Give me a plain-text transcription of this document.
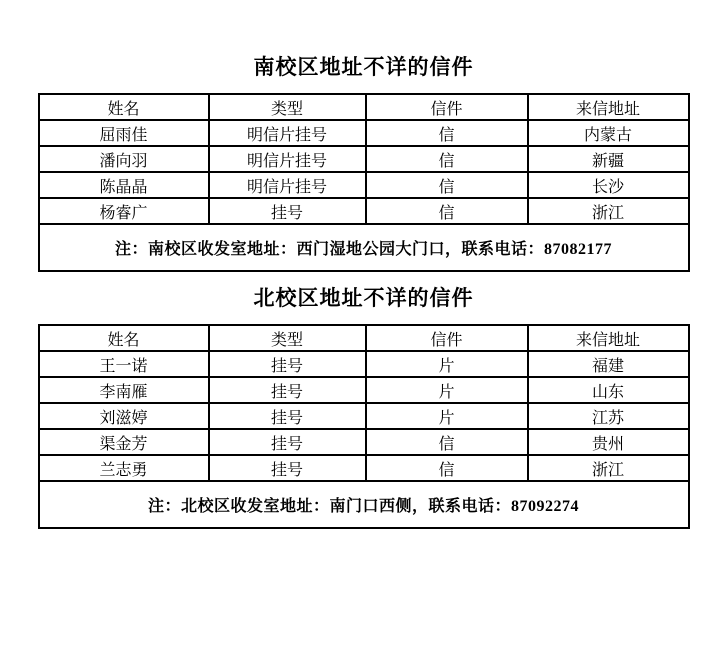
南校区地址不详的信件
姓名	类型	信件	来信地址
屈雨佳	明信片挂号	信	内蒙古
潘向羽	明信片挂号	信	新疆
陈晶晶	明信片挂号	信	长沙
杨睿广	挂号	信	浙江
注：南校区收发室地址：西门湿地公园大门口，联系电话：87082177			
北校区地址不详的信件
姓名	类型	信件	来信地址
王一诺	挂号	片	福建
李南雁	挂号	片	山东
刘滋婷	挂号	片	江苏
渠金芳	挂号	信	贵州
兰志勇	挂号	信	浙江
注：北校区收发室地址：南门口西侧，联系电话：87092274			
